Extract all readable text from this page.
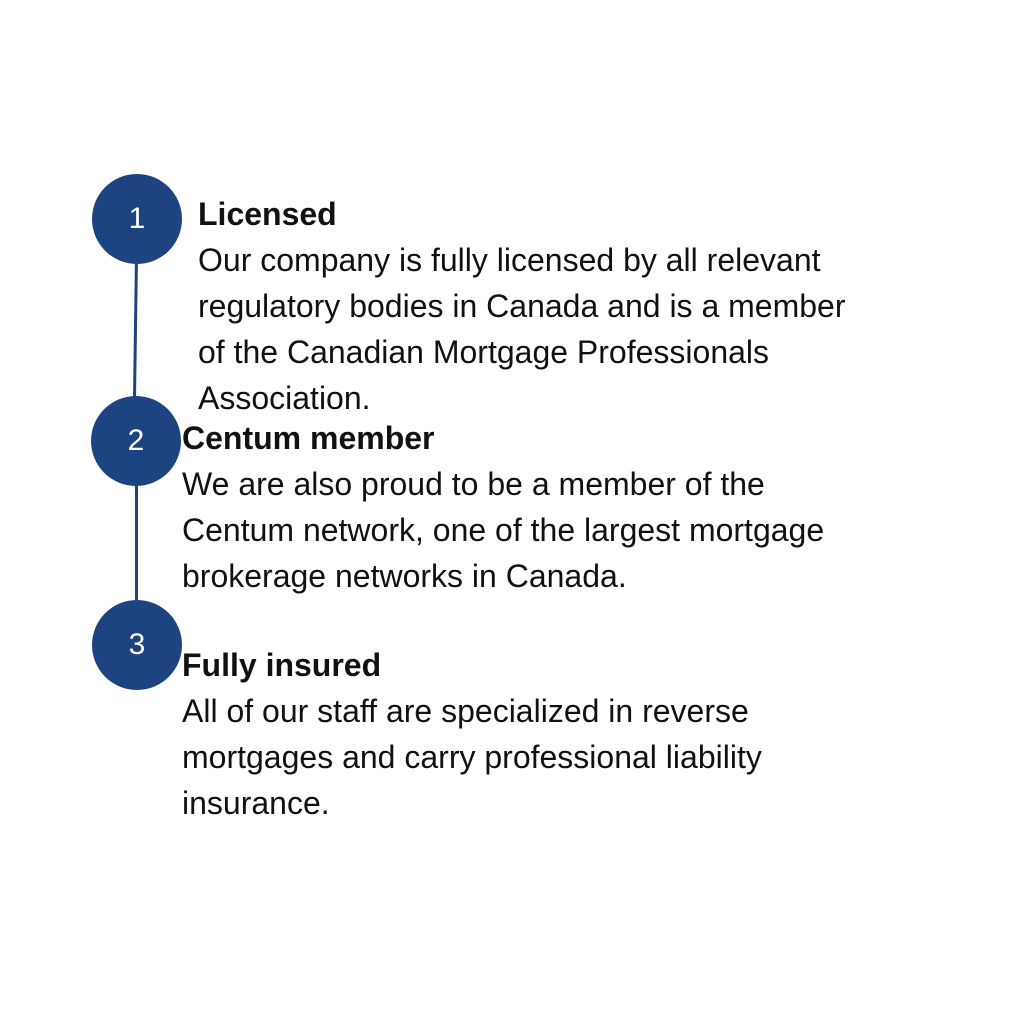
1 Licensed
Our company is fully licensed by all relevant
regulatory bodies in Canada and is a member
of the Canadian Mortgage Professionals
Association.
2 Centum member
We are also proud to be a member of the
Centum network, one of the largest mortgage
brokerage networks in Canada.
3
Fully insured
All of our staff are specialized in reverse
mortgages and carry professional liability
insurance.
